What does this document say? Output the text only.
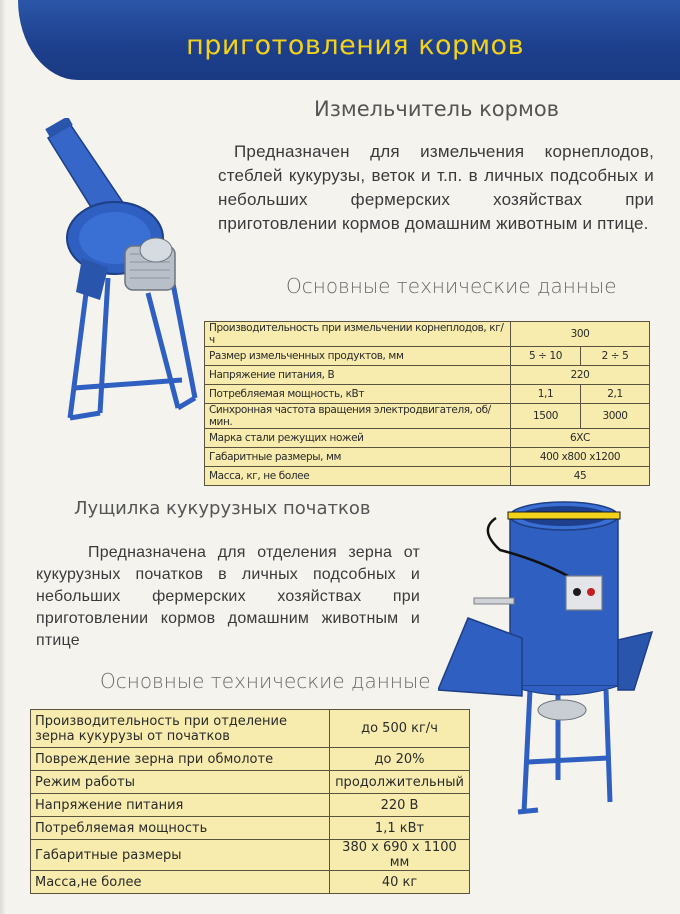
приготовления кормов
Измельчитель кормов
Предназначен для измельчения корнеплодов, стеблей кукурузы, веток и т.п. в личных подсобных и небольших фермерских хозяйствах при приготовлении кормов домашним животным и птице.
Основные технические данные
Производительность при измельчении корнеплодов, кг/ч	300	
Размер измельченных продуктов, мм	5 ÷ 10	2 ÷ 5
Напряжение питания, В	220	
Потребляемая мощность, кВт	1,1	2,1
Синхронная частота вращения электродвигателя, об/мин.	1500	3000
Марка стали режущих ножей	6ХС	
Габаритные размеры, мм	400 х800 х1200	
Масса, кг, не более	45	
Лущилка кукурузных початков
Предназначена для отделения зерна от кукурузных початков в личных подсобных и небольших фермерских хозяйствах при приготовлении кормов домашним животным и птице
Основные технические данные
Производительность при отделение зерна кукурузы от початков	до 500 кг/ч
Повреждение зерна при обмолоте	до 20%
Режим работы	продолжительный
Напряжение питания	220 В
Потребляемая мощность	1,1 кВт
Габаритные размеры	380 х 690 х 1100 мм
Масса,не более	40 кг
